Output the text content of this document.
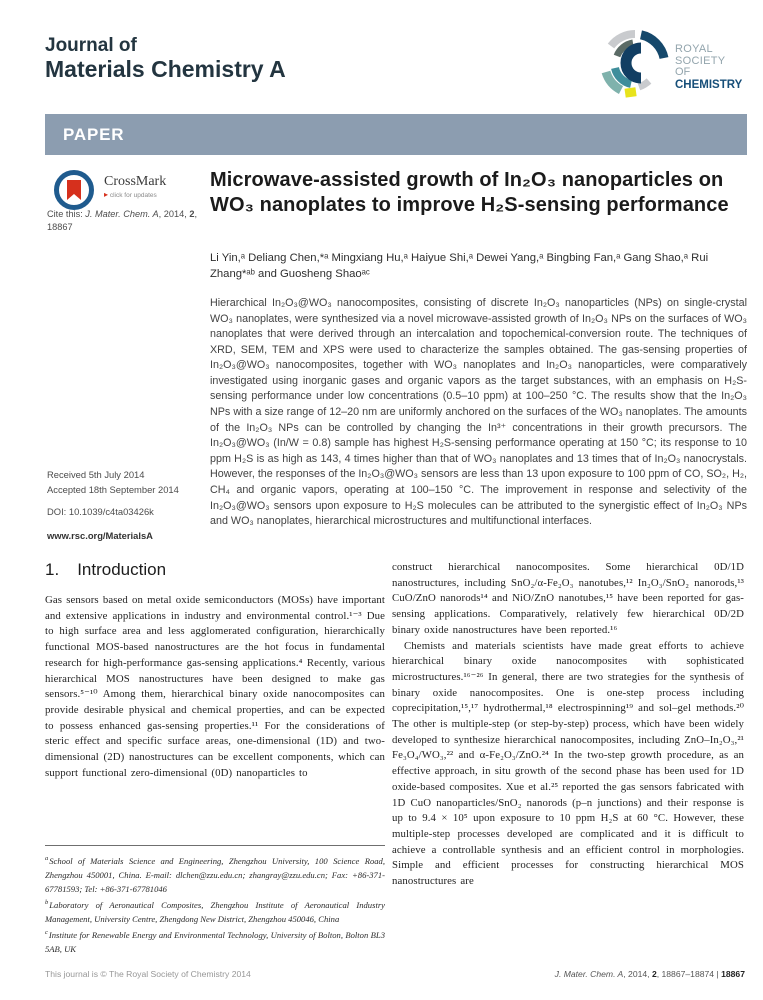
Journal of
Materials Chemistry A
ROYAL SOCIETY
OF CHEMISTRY
PAPER
CrossMark
▸ click for updates
Cite this: J. Mater. Chem. A, 2014, 2, 18867
Received 5th July 2014
Accepted 18th September 2014
DOI: 10.1039/c4ta03426k
www.rsc.org/MaterialsA
Microwave-assisted growth of In₂O₃ nanoparticles on WO₃ nanoplates to improve H₂S-sensing performance
Li Yin,ᵃ Deliang Chen,*ᵃ Mingxiang Hu,ᵃ Haiyue Shi,ᵃ Dewei Yang,ᵃ Bingbing Fan,ᵃ Gang Shao,ᵃ Rui Zhang*ᵃᵇ and Guosheng Shaoᵃᶜ
Hierarchical In₂O₃@WO₃ nanocomposites, consisting of discrete In₂O₃ nanoparticles (NPs) on single-crystal WO₃ nanoplates, were synthesized via a novel microwave-assisted growth of In₂O₃ NPs on the surfaces of WO₃ nanoplates that were derived through an intercalation and topochemical-conversion route. The techniques of XRD, SEM, TEM and XPS were used to characterize the samples obtained. The gas-sensing properties of In₂O₃@WO₃ nanocomposites, together with WO₃ nanoplates and In₂O₃ nanoparticles, were comparatively investigated using inorganic gases and organic vapors as the target substances, with an emphasis on H₂S-sensing performance under low concentrations (0.5–10 ppm) at 100–250 °C. The results show that the In₂O₃ NPs with a size range of 12–20 nm are uniformly anchored on the surfaces of the WO₃ nanoplates. The amounts of the In₂O₃ NPs can be controlled by changing the In³⁺ concentrations in their growth precursors. The In₂O₃@WO₃ (In/W = 0.8) sample has highest H₂S-sensing performance operating at 150 °C; its response to 10 ppm H₂S is as high as 143, 4 times higher than that of WO₃ nanoplates and 13 times that of In₂O₃ nanocrystals. However, the responses of the In₂O₃@WO₃ sensors are less than 13 upon exposure to 100 ppm of CO, SO₂, H₂, CH₄ and organic vapors, operating at 100–150 °C. The improvement in response and selectivity of the In₂O₃@WO₃ sensors upon exposure to H₂S molecules can be attributed to the synergistic effect of In₂O₃ NPs and WO₃ nanoplates, hierarchical microstructures and multifunctional interfaces.
1. Introduction

Gas sensors based on metal oxide semiconductors (MOSs) have important and extensive applications in industry and environmental control.¹⁻³ Due to high surface area and less agglomerated configuration, hierarchically functional MOS-based nanostructures are the hot focus in fundamental research for high-performance gas-sensing applications.⁴ Recently, various hierarchical MOS nanostructures have been designed to make gas sensors.⁵⁻¹⁰ Among them, hierarchical binary oxide nanocomposites can provide desirable physical and chemical properties, and can be expected to possess enhanced gas-sensing properties.¹¹ For the considerations of steric effect and specific surface areas, one-dimensional (1D) and two-dimensional (2D) nanostructures can be excellent components, which can support functional zero-dimensional (0D) nanoparticles to

construct hierarchical nanocomposites. Some hierarchical 0D/1D nanostructures, including SnO₂/α-Fe₂O₃ nanotubes,¹² In₂O₃/SnO₂ nanorods,¹³ CuO/ZnO nanorods¹⁴ and NiO/ZnO nanotubes,¹⁵ have been reported for gas-sensing applications. Comparatively, relatively few hierarchical 0D/2D binary oxide nanostructures have been reported.¹⁶

Chemists and materials scientists have made great efforts to achieve hierarchical binary oxide nanocomposites with sophisticated microstructures.¹⁶⁻²⁶ In general, there are two strategies for the synthesis of binary oxide nanocomposites. One is one-step process including coprecipitation,¹⁵,¹⁷ hydrothermal,¹⁸ electrospinning¹⁹ and sol–gel methods.²⁰ The other is multiple-step (or step-by-step) process, which have been widely developed to synthesize hierarchical nanocomposites, including ZnO–In₂O₃,²¹ Fe₃O₄/WO₃,²² and α-Fe₂O₃/ZnO.²⁴ In the two-step growth procedure, as an effective approach, in situ growth of the second phase has been used for 1D oxide-based composites. Xue et al.²⁵ reported the gas sensors fabricated with 1D CuO nanoparticles/SnO₂ nanorods (p–n junctions) and their response is up to 9.4 × 10⁵ upon exposure to 10 ppm H₂S at 60 °C. However, these multiple-step processes developed are complicated and it is difficult to achieve a controllable synthesis and an efficient control in morphologies. Simple and efficient processes for constructing hierarchical MOS nanostructures are

$^a$School of Materials Science and Engineering, Zhengzhou University, 100 Science Road, Zhengzhou 450001, China. E-mail: dlchen@zzu.edu.cn; zhangray@zzu.edu.cn; Fax: +86-371-67781593; Tel: +86-371-67781046

$^b$Laboratory of Aeronautical Composites, Zhengzhou Institute of Aeronautical Industry Management, University Centre, Zhengdong New District, Zhengzhou 450046, China

$^c$Institute for Renewable Energy and Environmental Technology, University of Bolton, Bolton BL3 5AB, UK

This journal is © The Royal Society of Chemistry 2014	J. Mater. Chem. A, 2014, 2, 18867–18874 | 18867
